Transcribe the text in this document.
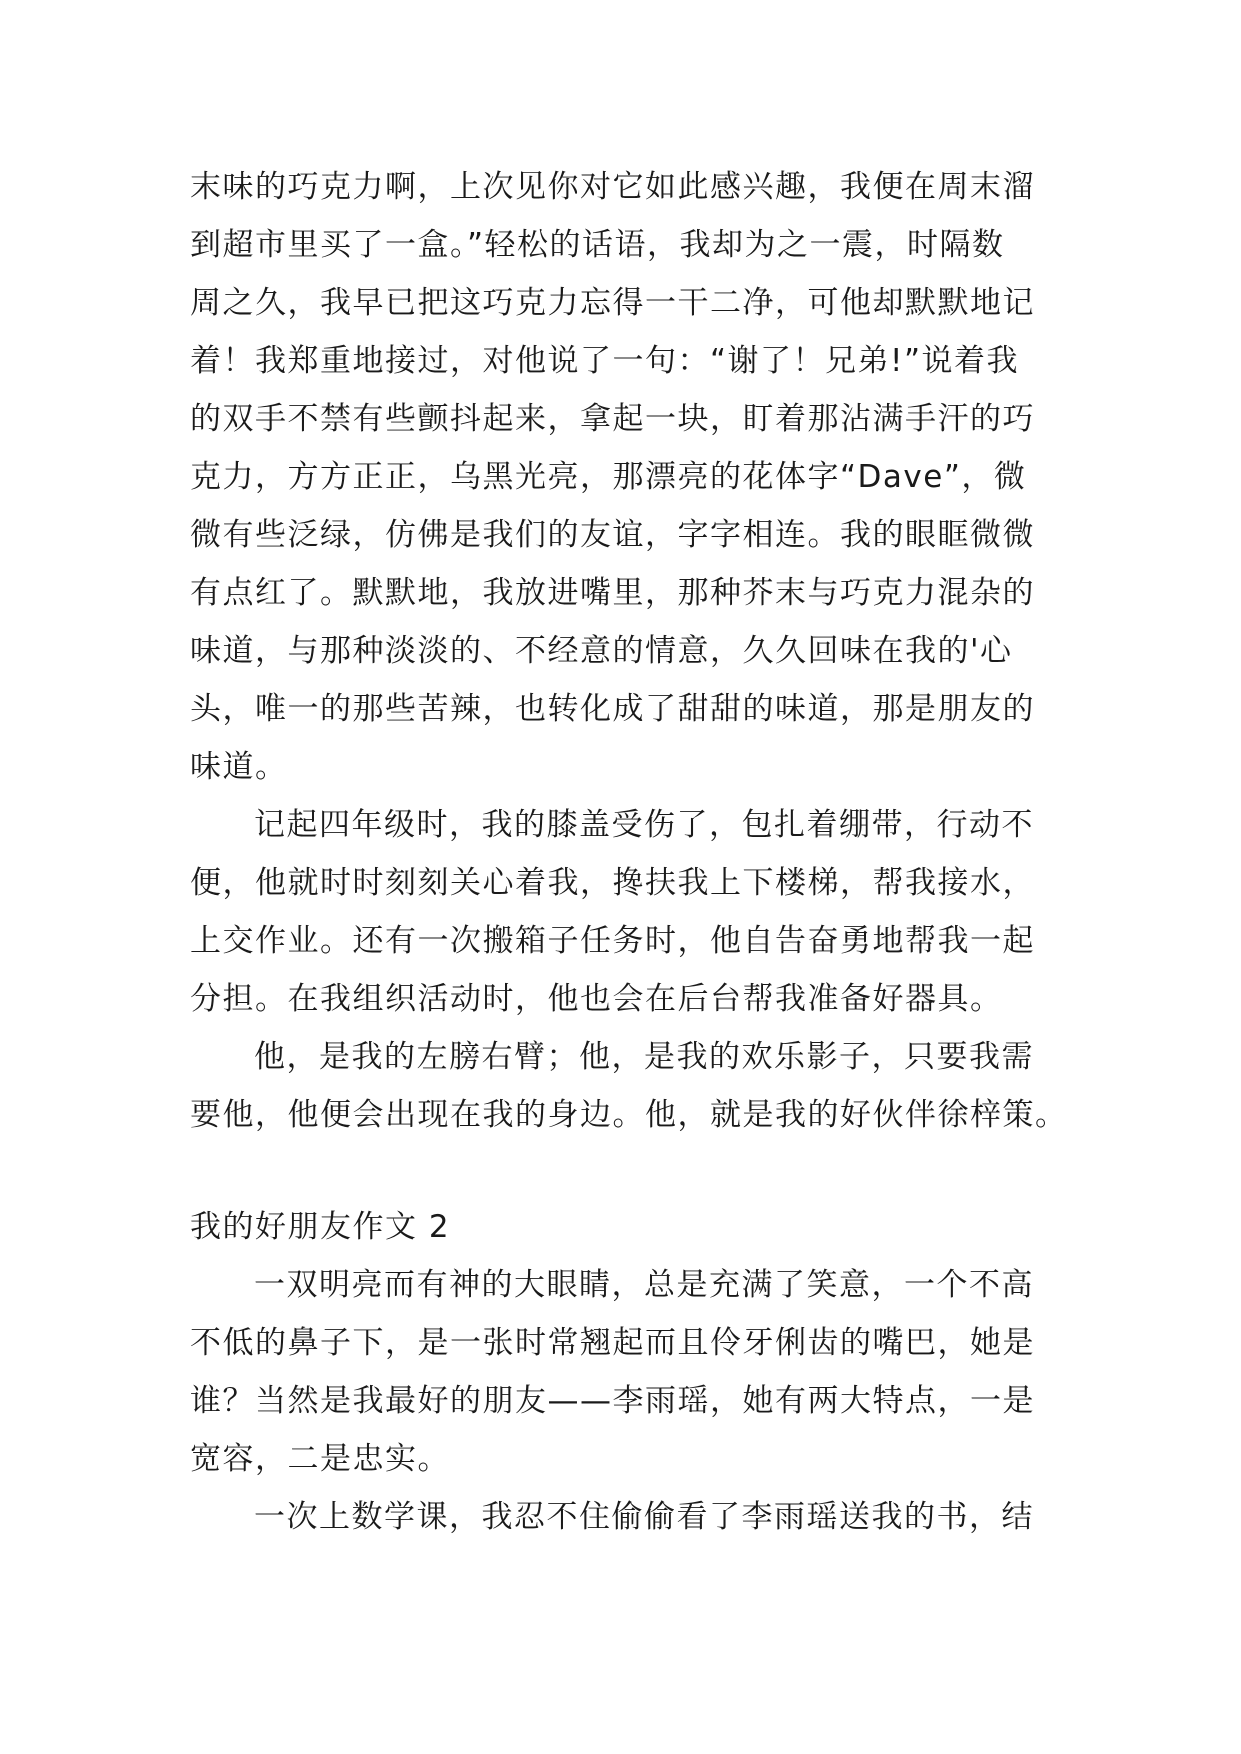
末味的巧克力啊，上次见你对它如此感兴趣，我便在周末溜
到超市里买了一盒。”轻松的话语，我却为之一震，时隔数
周之久，我早已把这巧克力忘得一干二净，可他却默默地记
着！我郑重地接过，对他说了一句：“谢了！兄弟!”说着我
的双手不禁有些颤抖起来，拿起一块，盯着那沾满手汗的巧
克力，方方正正，乌黑光亮，那漂亮的花体字“Dave”，微
微有些泛绿，仿佛是我们的友谊，字字相连。我的眼眶微微
有点红了。默默地，我放进嘴里，那种芥末与巧克力混杂的
味道，与那种淡淡的、不经意的情意，久久回味在我的'心
头，唯一的那些苦辣，也转化成了甜甜的味道，那是朋友的
味道。
记起四年级时，我的膝盖受伤了，包扎着绷带，行动不
便，他就时时刻刻关心着我，搀扶我上下楼梯，帮我接水，
上交作业。还有一次搬箱子任务时，他自告奋勇地帮我一起
分担。在我组织活动时，他也会在后台帮我准备好器具。
他，是我的左膀右臂；他，是我的欢乐影子，只要我需
要他，他便会出现在我的身边。他，就是我的好伙伴徐梓策。
我的好朋友作文 2
一双明亮而有神的大眼睛，总是充满了笑意，一个不高
不低的鼻子下，是一张时常翘起而且伶牙俐齿的嘴巴，她是
谁？当然是我最好的朋友——李雨瑶，她有两大特点，一是
宽容，二是忠实。
一次上数学课，我忍不住偷偷看了李雨瑶送我的书，结
